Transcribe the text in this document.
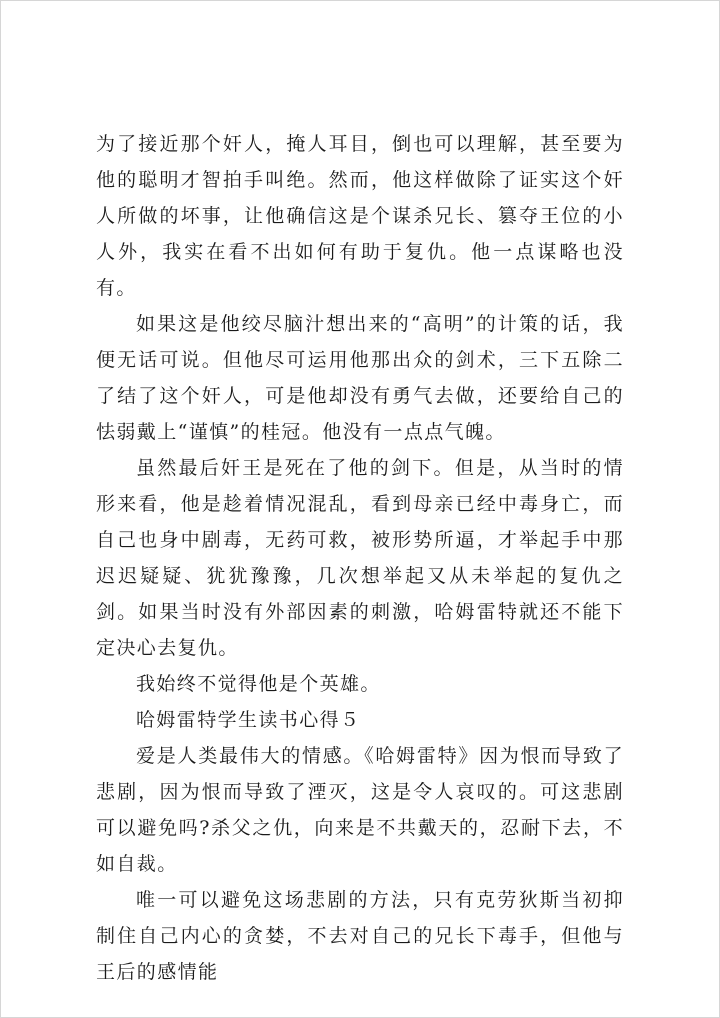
为了接近那个奸人，掩人耳目，倒也可以理解，甚至要为他的聪明才智拍手叫绝。然而，他这样做除了证实这个奸人所做的坏事，让他确信这是个谋杀兄长、篡夺王位的小人外，我实在看不出如何有助于复仇。他一点谋略也没有。

如果这是他绞尽脑汁想出来的“高明”的计策的话，我便无话可说。但他尽可运用他那出众的剑术，三下五除二了结了这个奸人，可是他却没有勇气去做，还要给自己的怯弱戴上“谨慎”的桂冠。他没有一点点气魄。

虽然最后奸王是死在了他的剑下。但是，从当时的情形来看，他是趁着情况混乱，看到母亲已经中毒身亡，而自己也身中剧毒，无药可救，被形势所逼，才举起手中那迟迟疑疑、犹犹豫豫，几次想举起又从未举起的复仇之剑。如果当时没有外部因素的刺激，哈姆雷特就还不能下定决心去复仇。

我始终不觉得他是个英雄。

哈姆雷特学生读书心得５

爱是人类最伟大的情感。《哈姆雷特》因为恨而导致了悲剧，因为恨而导致了湮灭，这是令人哀叹的。可这悲剧可以避免吗?杀父之仇，向来是不共戴天的，忍耐下去，不如自裁。

唯一可以避免这场悲剧的方法，只有克劳狄斯当初抑制住自己内心的贪婪，不去对自己的兄长下毒手，但他与王后的感情能
